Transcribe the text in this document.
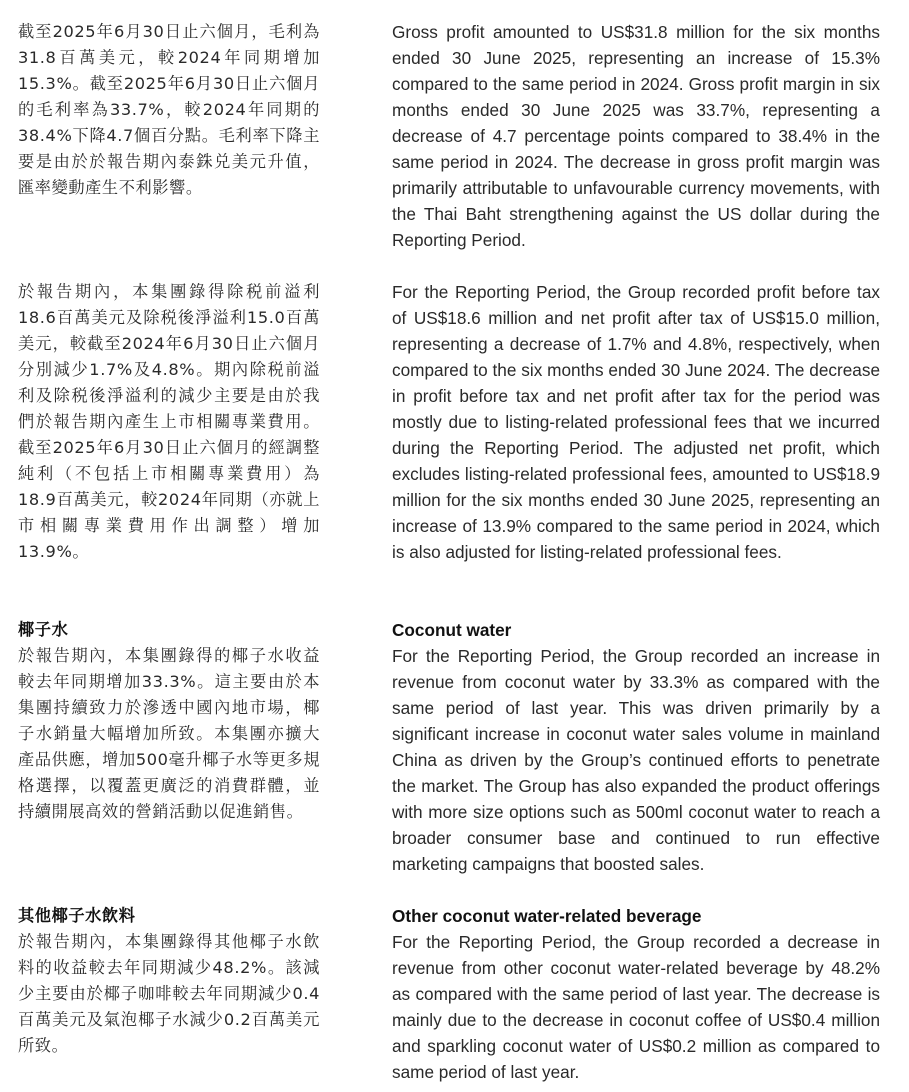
截至2025年6月30日止六個月，毛利為31.8百萬美元，較2024年同期增加15.3%。截至2025年6月30日止六個月的毛利率為33.7%，較2024年同期的38.4%下降4.7個百分點。毛利率下降主要是由於於報告期內泰銖兑美元升值，匯率變動產生不利影響。

於報告期內，本集團錄得除税前溢利18.6百萬美元及除税後淨溢利15.0百萬美元，較截至2024年6月30日止六個月分別減少1.7%及4.8%。期內除税前溢利及除税後淨溢利的減少主要是由於我們於報告期內產生上市相關專業費用。截至2025年6月30日止六個月的經調整純利（不包括上市相關專業費用）為18.9百萬美元，較2024年同期（亦就上市相關專業費用作出調整）增加13.9%。

椰子水

於報告期內，本集團錄得的椰子水收益較去年同期增加33.3%。這主要由於本集團持續致力於滲透中國內地市場，椰子水銷量大幅增加所致。本集團亦擴大產品供應，增加500毫升椰子水等更多規格選擇，以覆蓋更廣泛的消費群體，並持續開展高效的營銷活動以促進銷售。

其他椰子水飲料

於報告期內，本集團錄得其他椰子水飲料的收益較去年同期減少48.2%。該減少主要由於椰子咖啡較去年同期減少0.4百萬美元及氣泡椰子水減少0.2百萬美元所致。

Gross profit amounted to US$31.8 million for the six months ended 30 June 2025, representing an increase of 15.3% compared to the same period in 2024. Gross profit margin in six months ended 30 June 2025 was 33.7%, representing a decrease of 4.7 percentage points compared to 38.4% in the same period in 2024. The decrease in gross profit margin was primarily attributable to unfavourable currency movements, with the Thai Baht strengthening against the US dollar during the Reporting Period.

For the Reporting Period, the Group recorded profit before tax of US$18.6 million and net profit after tax of US$15.0 million, representing a decrease of 1.7% and 4.8%, respectively, when compared to the six months ended 30 June 2024. The decrease in profit before tax and net profit after tax for the period was mostly due to listing-related professional fees that we incurred during the Reporting Period. The adjusted net profit, which excludes listing-related professional fees, amounted to US$18.9 million for the six months ended 30 June 2025, representing an increase of 13.9% compared to the same period in 2024, which is also adjusted for listing-related professional fees.

Coconut water

For the Reporting Period, the Group recorded an increase in revenue from coconut water by 33.3% as compared with the same period of last year. This was driven primarily by a significant increase in coconut water sales volume in mainland China as driven by the Group’s continued efforts to penetrate the market. The Group has also expanded the product offerings with more size options such as 500ml coconut water to reach a broader consumer base and continued to run effective marketing campaigns that boosted sales.

Other coconut water-related beverage

For the Reporting Period, the Group recorded a decrease in revenue from other coconut water-related beverage by 48.2% as compared with the same period of last year. The decrease is mainly due to the decrease in coconut coffee of US$0.4 million and sparkling coconut water of US$0.2 million as compared to same period of last year.
